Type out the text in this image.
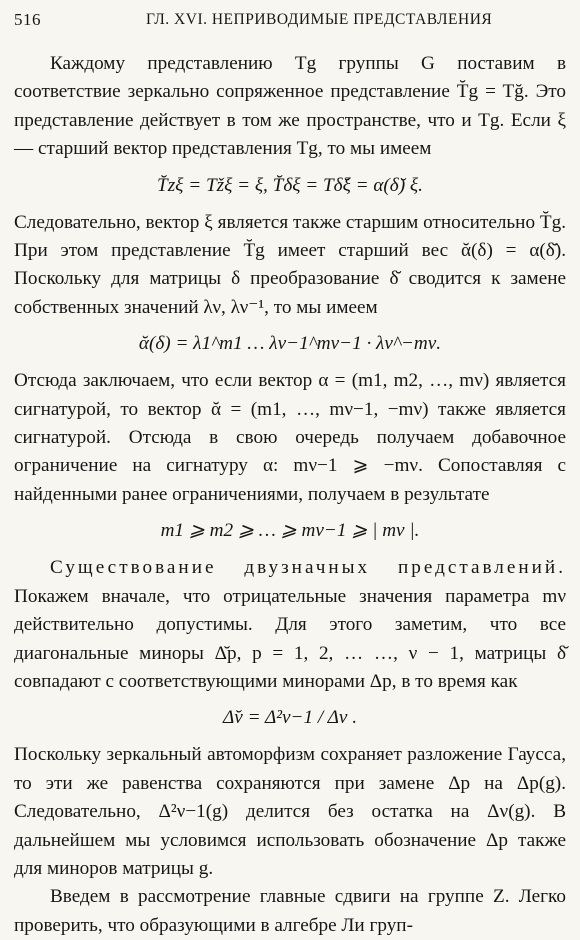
516	ГЛ. XVI. НЕПРИВОДИМЫЕ ПРЕДСТАВЛЕНИЯ

Каждому представлению Tg группы G поставим в соответствие зеркально сопряженное представление T̆g = Tğ. Это представление действует в том же пространстве, что и Tg. Если ξ — старший вектор представления Tg, то мы имеем

T̆zξ = Tžξ = ξ, T̆δξ = Tδ̆ξ = α(δ̆) ξ.

Следовательно, вектор ξ является также старшим относительно T̆g. При этом представление T̆g имеет старший вес ᾰ(δ) = α(δ̆). Поскольку для матрицы δ преобразование δ̆ сводится к замене собственных значений λν, λν⁻¹, то мы имеем

ᾰ(δ) = λ1^m1 … λν−1^mν−1 · λν^−mν.

Отсюда заключаем, что если вектор α = (m1, m2, …, mν) является сигнатурой, то вектор ᾰ = (m1, …, mν−1, −mν) также является сигнатурой. Отсюда в свою очередь получаем добавочное ограничение на сигнатуру α: mν−1 ⩾ −mν. Сопоставляя с найденными ранее ограничениями, получаем в результате

m1 ⩾ m2 ⩾ … ⩾ mν−1 ⩾ | mν |.

Существование двузначных представлений. Покажем вначале, что отрицательные значения параметра mν действительно допустимы. Для этого заметим, что все диагональные миноры Δ̆p, p = 1, 2, … …, ν − 1, матрицы δ̆ совпадают с соответствующими минорами Δp, в то время как

Δ̆ν = Δ²ν−1 / Δν .

Поскольку зеркальный автоморфизм сохраняет разложение Гаусса, то эти же равенства сохраняются при замене Δp на Δp(g). Следовательно, Δ²ν−1(g) делится без остатка на Δν(g). В дальнейшем мы условимся использовать обозначение Δp также для миноров матрицы g.

Введем в рассмотрение главные сдвиги на группе Z. Легко проверить, что образующими в алгебре Ли груп-
